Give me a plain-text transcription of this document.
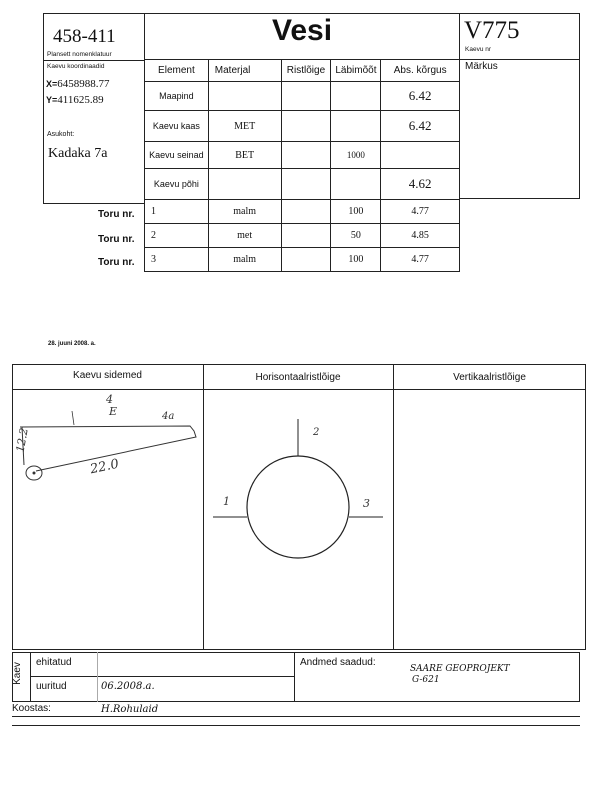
458-411
Plansett nomenklatuur
Kaevu koordinaadid
X=6458988.77
Y=411625.89
Asukoht:
Kadaka 7a
Vesi	V775
Kaevu nr
Märkus
Element	Materjal	Ristlõige	Läbimõõt	Abs. kõrgus
Maapind				6.42
Kaevu kaas	MET			6.42
Kaevu seinad	BET		1000	
Kaevu põhi				4.62
1	malm		100	4.77
2	met		50	4.85
3	malm		100	4.77
Toru nr.
Toru nr.
Toru nr.
28. juuni 2008. a.
Kaevu sidemed	Horisontaalristlõige	Vertikaalristlõige
4
E	4a
12.2
22.0
2
1	3
Kaev ehitatud
uuritud	06.2008.a.
Andmed saadud:
SAARE GEOPROJEKT
G-621
Koostas:	H.Rohulaid
